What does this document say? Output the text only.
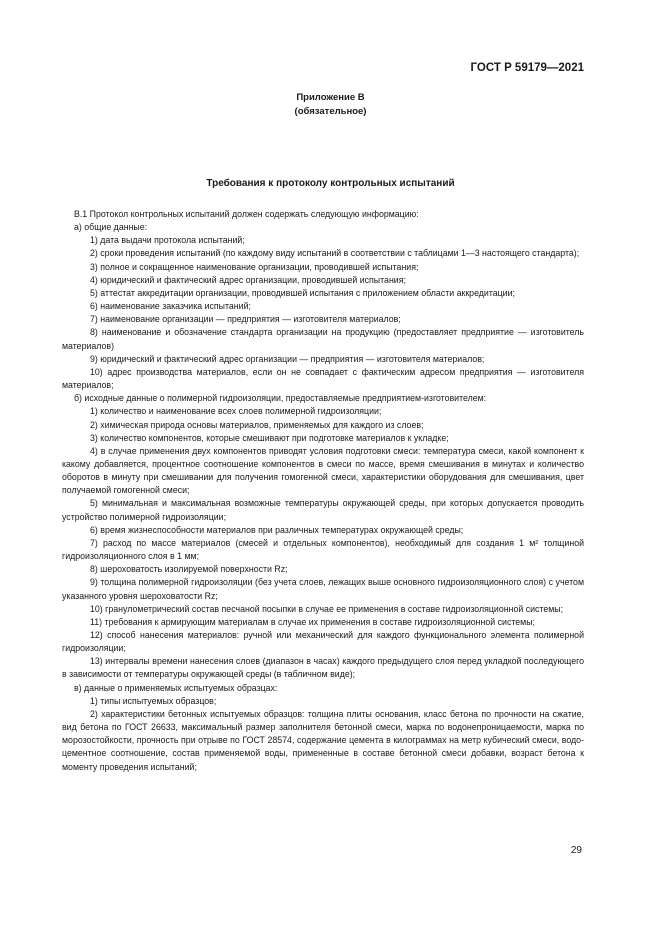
ГОСТ Р 59179—2021
Приложение В
(обязательное)
Требования к протоколу контрольных испытаний

В.1 Протокол контрольных испытаний должен содержать следующую информацию:

а) общие данные:

1) дата выдачи протокола испытаний;

2) сроки проведения испытаний (по каждому виду испытаний в соответствии с таблицами 1—3 настоящего стандарта);

3) полное и сокращенное наименование организации, проводившей испытания;

4) юридический и фактический адрес организации, проводившей испытания;

5) аттестат аккредитации организации, проводившей испытания с приложением области аккредитации;

6) наименование заказчика испытаний;

7) наименование организации — предприятия — изготовителя материалов;

8) наименование и обозначение стандарта организации на продукцию (предоставляет предприятие — изготовитель материалов)

9) юридический и фактический адрес организации — предприятия — изготовителя материалов;

10) адрес производства материалов, если он не совпадает с фактическим адресом предприятия — изготовителя материалов;

б) исходные данные о полимерной гидроизоляции, предоставляемые предприятием-изготовителем:

1) количество и наименование всех слоев полимерной гидроизоляции;

2) химическая природа основы материалов, применяемых для каждого из слоев;

3) количество компонентов, которые смешивают при подготовке материалов к укладке;

4) в случае применения двух компонентов приводят условия подготовки смеси: температура смеси, какой компонент к какому добавляется, процентное соотношение компонентов в смеси по массе, время смешивания в минутах и количество оборотов в минуту при смешивании для получения гомогенной смеси, характеристики оборудования для смешивания, цвет получаемой гомогенной смеси;

5) минимальная и максимальная возможные температуры окружающей среды, при которых допускается проводить устройство полимерной гидроизоляции;

6) время жизнеспособности материалов при различных температурах окружающей среды;

7) расход по массе материалов (смесей и отдельных компонентов), необходимый для создания 1 м² толщиной гидроизоляционного слоя в 1 мм;

8) шероховатость изолируемой поверхности Rz;

9) толщина полимерной гидроизоляции (без учета слоев, лежащих выше основного гидроизоляционного слоя) с учетом указанного уровня шероховатости Rz;

10) гранулометрический состав песчаной посыпки в случае ее применения в составе гидроизоляционной системы;

11) требования к армирующим материалам в случае их применения в составе гидроизоляционной системы;

12) способ нанесения материалов: ручной или механический для каждого функционального элемента полимерной гидроизоляции;

13) интервалы времени нанесения слоев (диапазон в часах) каждого предыдущего слоя перед укладкой последующего в зависимости от температуры окружающей среды (в табличном виде);

в) данные о применяемых испытуемых образцах:

1) типы испытуемых образцов;

2) характеристики бетонных испытуемых образцов: толщина плиты основания, класс бетона по прочности на сжатие, вид бетона по ГОСТ 26633, максимальный размер заполнителя бетонной смеси, марка по водонепроницаемости, марка по морозостойкости, прочность при отрыве по ГОСТ 28574, содержание цемента в килограммах на метр кубический смеси, водо-цементное соотношение, состав применяемой воды, примененные в составе бетонной смеси добавки, возраст бетона к моменту проведения испытаний;

29
